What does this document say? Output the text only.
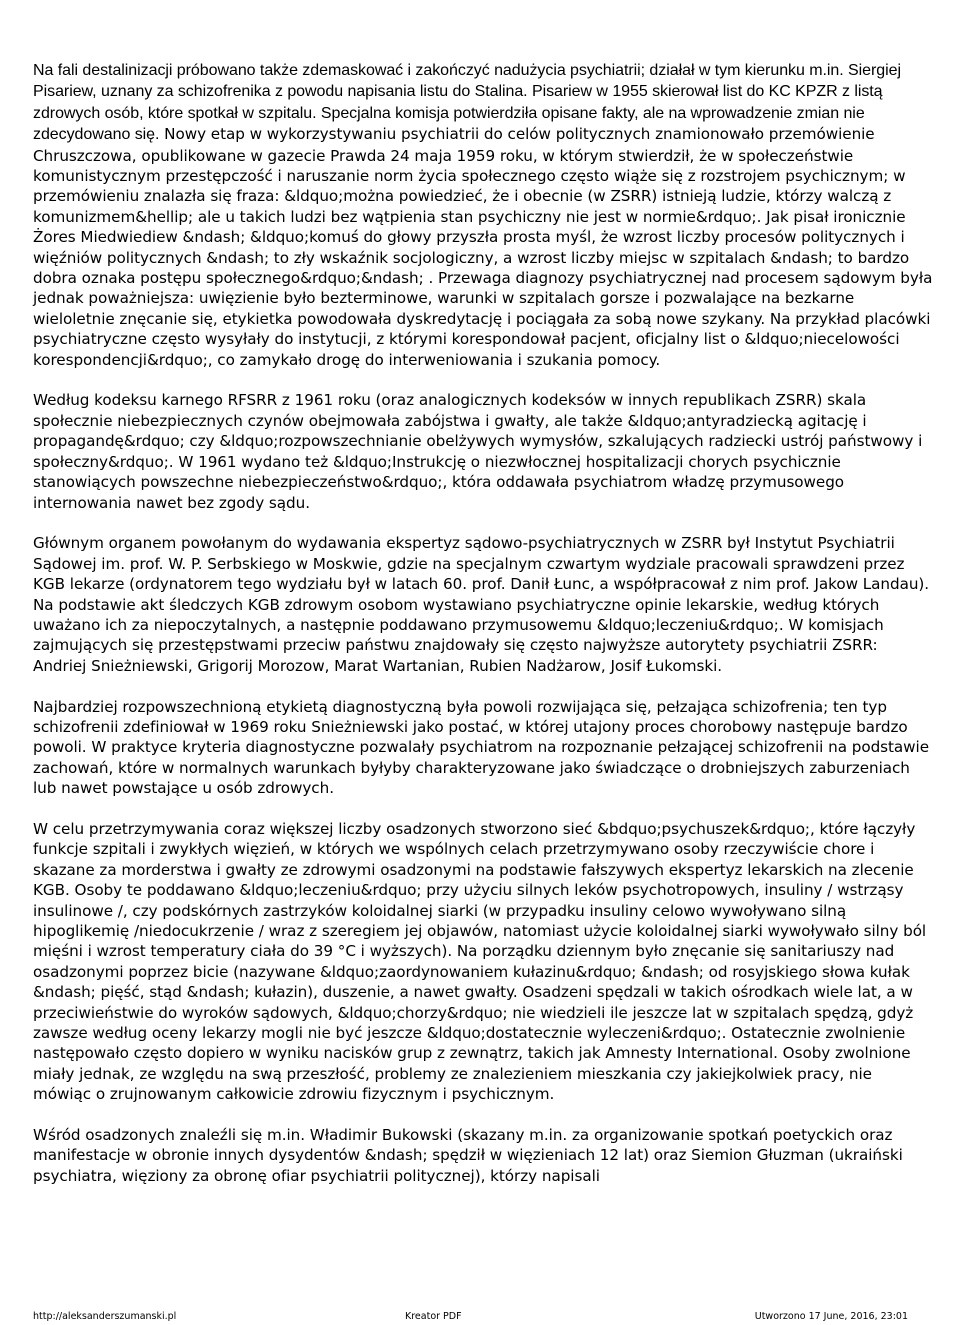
Na fali destalinizacji próbowano także zdemaskować i zakończyć nadużycia psychiatrii; działał w tym kierunku m.in. Siergiej Pisariew, uznany za schizofrenika z powodu napisania listu do Stalina. Pisariew w 1955 skierował list do KC KPZR z listą zdrowych osób, które spotkał w szpitalu. Specjalna komisja potwierdziła opisane fakty, ale na wprowadzenie zmian nie zdecydowano się. Nowy etap w wykorzystywaniu psychiatrii do celów politycznych znamionowało przemówienie Chruszczowa, opublikowane w gazecie Prawda 24 maja 1959 roku, w którym stwierdził, że w społeczeństwie komunistycznym przestępczość i naruszanie norm życia społecznego często wiąże się z rozstrojem psychicznym; w przemówieniu znalazła się fraza: &ldquo;można powiedzieć, że i obecnie (w ZSRR) istnieją ludzie, którzy walczą z komunizmem&hellip; ale u takich ludzi bez wątpienia stan psychiczny nie jest w normie&rdquo;. Jak pisał ironicznie Żores Miedwiediew &ndash; &ldquo;komuś do głowy przyszła prosta myśl, że wzrost liczby procesów politycznych i więźniów politycznych &ndash; to zły wskaźnik socjologiczny, a wzrost liczby miejsc w szpitalach &ndash; to bardzo dobra oznaka postępu społecznego&rdquo;&ndash; . Przewaga diagnozy psychiatrycznej nad procesem sądowym była jednak poważniejsza: uwięzienie było bezterminowe, warunki w szpitalach gorsze i pozwalające na bezkarne wieloletnie znęcanie się, etykietka powodowała dyskredytację i pociągała za sobą nowe szykany. Na przykład placówki psychiatryczne często wysyłały do instytucji, z którymi korespondował pacjent, oficjalny list o &ldquo;niecelowości korespondencji&rdquo;, co zamykało drogę do interweniowania i szukania pomocy.

Według kodeksu karnego RFSRR z 1961 roku (oraz analogicznych kodeksów w innych republikach ZSRR) skala społecznie niebezpiecznych czynów obejmowała zabójstwa i gwałty, ale także &ldquo;antyradziecką agitację i propagandę&rdquo; czy &ldquo;rozpowszechnianie obelżywych wymysłów, szkalujących radziecki ustrój państwowy i społeczny&rdquo;. W 1961 wydano też &ldquo;Instrukcję o niezwłocznej hospitalizacji chorych psychicznie stanowiących powszechne niebezpieczeństwo&rdquo;, która oddawała psychiatrom władzę przymusowego internowania nawet bez zgody sądu.

Głównym organem powołanym do wydawania ekspertyz sądowo-psychiatrycznych w ZSRR był Instytut Psychiatrii Sądowej im. prof. W. P. Serbskiego w Moskwie, gdzie na specjalnym czwartym wydziale pracowali sprawdzeni przez KGB lekarze (ordynatorem tego wydziału był w latach 60. prof. Danił Łunc, a współpracował z nim prof. Jakow Landau). Na podstawie akt śledczych KGB zdrowym osobom wystawiano psychiatryczne opinie lekarskie, według których uważano ich za niepoczytalnych, a następnie poddawano przymusowemu &ldquo;leczeniu&rdquo;. W komisjach zajmujących się przestępstwami przeciw państwu znajdowały się często najwyższe autorytety psychiatrii ZSRR: Andriej Snieżniewski, Grigorij Morozow, Marat Wartanian, Rubien Nadżarow, Josif Łukomski.

Najbardziej rozpowszechnioną etykietą diagnostyczną była powoli rozwijająca się, pełzająca schizofrenia; ten typ schizofrenii zdefiniował w 1969 roku Snieżniewski jako postać, w której utajony proces chorobowy następuje bardzo powoli. W praktyce kryteria diagnostyczne pozwalały psychiatrom na rozpoznanie pełzającej schizofrenii na podstawie zachowań, które w normalnych warunkach byłyby charakteryzowane jako świadczące o drobniejszych zaburzeniach lub nawet powstające u osób zdrowych.

W celu przetrzymywania coraz większej liczby osadzonych stworzono sieć &bdquo;psychuszek&rdquo;, które łączyły funkcje szpitali i zwykłych więzień, w których we wspólnych celach przetrzymywano osoby rzeczywiście chore i skazane za morderstwa i gwałty ze zdrowymi osadzonymi na podstawie fałszywych ekspertyz lekarskich na zlecenie KGB. Osoby te poddawano &ldquo;leczeniu&rdquo; przy użyciu silnych leków psychotropowych, insuliny / wstrząsy insulinowe /, czy podskórnych zastrzyków koloidalnej siarki (w przypadku insuliny celowo wywoływano silną hipoglikemię /niedocukrzenie / wraz z szeregiem jej objawów, natomiast użycie koloidalnej siarki wywoływało silny ból mięśni i wzrost temperatury ciała do 39 °C i wyższych). Na porządku dziennym było znęcanie się sanitariuszy nad osadzonymi poprzez bicie (nazywane &ldquo;zaordynowaniem kułazinu&rdquo; &ndash; od rosyjskiego słowa kułak &ndash; pięść, stąd &ndash; kułazin), duszenie, a nawet gwałty. Osadzeni spędzali w takich ośrodkach wiele lat, a w przeciwieństwie do wyroków sądowych, &ldquo;chorzy&rdquo; nie wiedzieli ile jeszcze lat w szpitalach spędzą, gdyż zawsze według oceny lekarzy mogli nie być jeszcze &ldquo;dostatecznie wyleczeni&rdquo;. Ostatecznie zwolnienie następowało często dopiero w wyniku nacisków grup z zewnątrz, takich jak Amnesty International. Osoby zwolnione miały jednak, ze względu na swą przeszłość, problemy ze znalezieniem mieszkania czy jakiejkolwiek pracy, nie mówiąc o zrujnowanym całkowicie zdrowiu fizycznym i psychicznym.

Wśród osadzonych znaleźli się m.in. Władimir Bukowski (skazany m.in. za organizowanie spotkań poetyckich oraz manifestacje w obronie innych dysydentów &ndash; spędził w więzieniach 12 lat) oraz Siemion Głuzman (ukraiński psychiatra, więziony za obronę ofiar psychiatrii politycznej), którzy napisali

http://aleksanderszumanski.pl	Kreator PDF	Utworzono 17 June, 2016, 23:01
